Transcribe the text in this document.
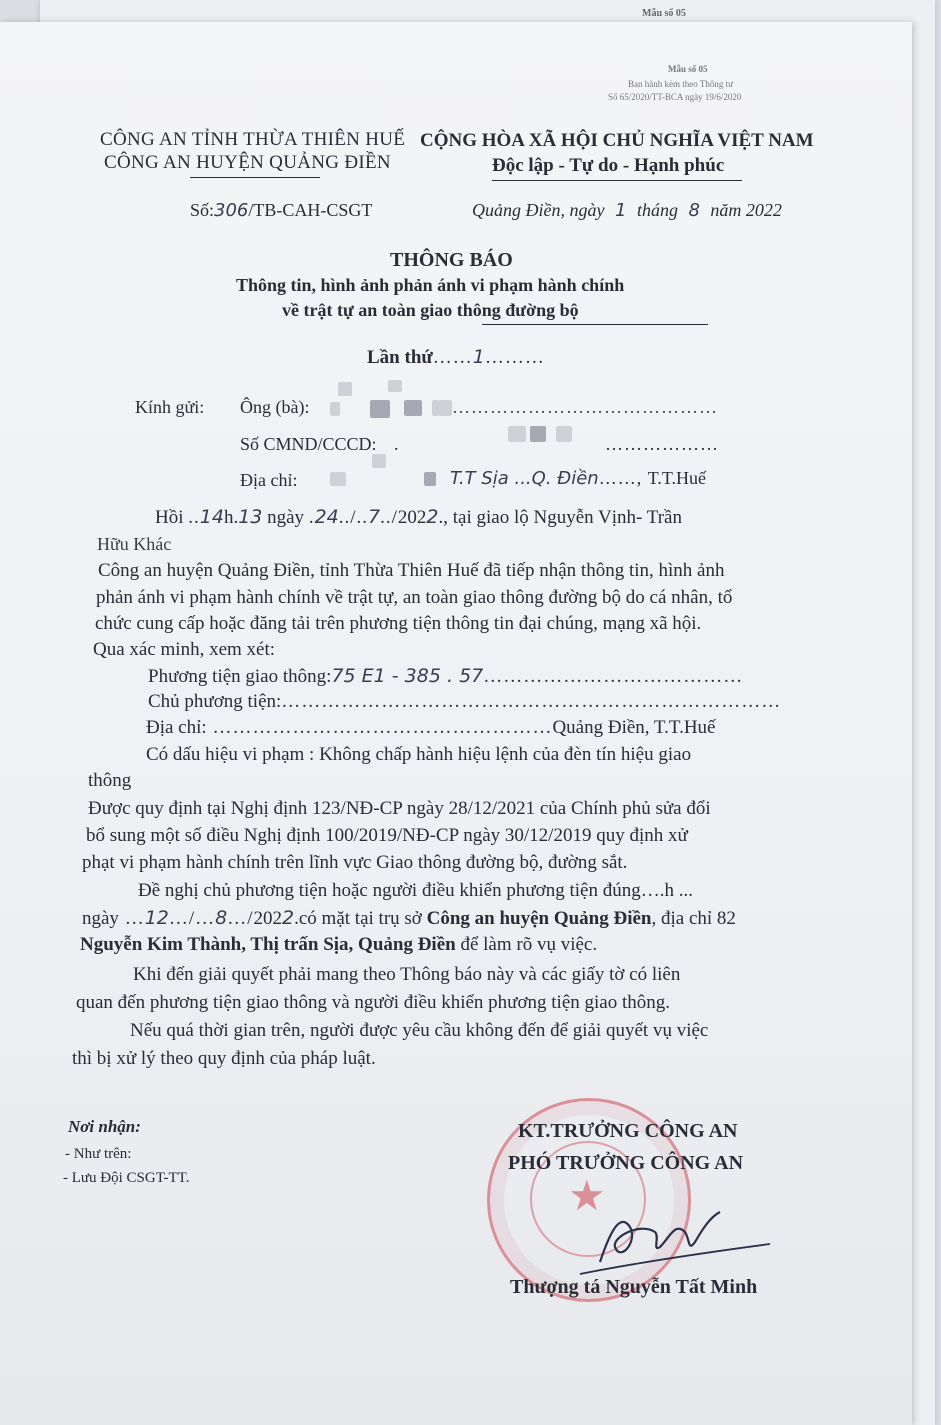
Mẫu số 05
Mẫu số 05
Ban hành kèm theo Thông tư
Số 65/2020/TT-BCA ngày 19/6/2020
CÔNG AN TỈNH THỪA THIÊN HUẾ
CÔNG AN HUYỆN QUẢNG ĐIỀN
CỘNG HÒA XÃ HỘI CHỦ NGHĨA VIỆT NAM
Độc lập - Tự do - Hạnh phúc
Số:306/TB-CAH-CSGT	Quảng Điền, ngày 1 tháng 8 năm 2022
THÔNG BÁO
Thông tin, hình ảnh phản ánh vi phạm hành chính
về trật tự an toàn giao thông đường bộ
Lần thứ……1………
Kính gửi: Ông (bà):	……………………………………
Số CMND/CCCD: .	………………
Địa chỉ:	T.T Sịa ...Q. Điền……, T.T.Huế
Hồi ..14h.13 ngày .24../..7../2022., tại giao lộ Nguyễn Vịnh- Trần
Hữu Khác
Công an huyện Quảng Điền, tỉnh Thừa Thiên Huế đã tiếp nhận thông tin, hình ảnh
phản ánh vi phạm hành chính về trật tự, an toàn giao thông đường bộ do cá nhân, tổ
chức cung cấp hoặc đăng tải trên phương tiện thông tin đại chúng, mạng xã hội.
Qua xác minh, xem xét:
Phương tiện giao thông:75 E1 - 385 . 57…………………………………
Chủ phương tiện:…………………………………………………………………
Địa chỉ: ……………………………………………Quảng Điền, T.T.Huế
Có dấu hiệu vi phạm : Không chấp hành hiệu lệnh của đèn tín hiệu giao
thông
Được quy định tại Nghị định 123/NĐ-CP ngày 28/12/2021 của Chính phủ sửa đổi
bổ sung một số điều Nghị định 100/2019/NĐ-CP ngày 30/12/2019 quy định xử
phạt vi phạm hành chính trên lĩnh vực Giao thông đường bộ, đường sắt.
Đề nghị chủ phương tiện hoặc người điều khiển phương tiện đúng….h ...
ngày …12…/…8…/2022.có mặt tại trụ sở Công an huyện Quảng Điền, địa chỉ 82
Nguyễn Kim Thành, Thị trấn Sịa, Quảng Điền để làm rõ vụ việc.
Khi đến giải quyết phải mang theo Thông báo này và các giấy tờ có liên
quan đến phương tiện giao thông và người điều khiển phương tiện giao thông.
Nếu quá thời gian trên, người được yêu cầu không đến để giải quyết vụ việc
thì bị xử lý theo quy định của pháp luật.
Nơi nhận:
- Như trên:
- Lưu Đội CSGT-TT.	★
KT.TRƯỞNG CÔNG AN
PHÓ TRƯỞNG CÔNG AN
Thượng tá Nguyễn Tất Minh
